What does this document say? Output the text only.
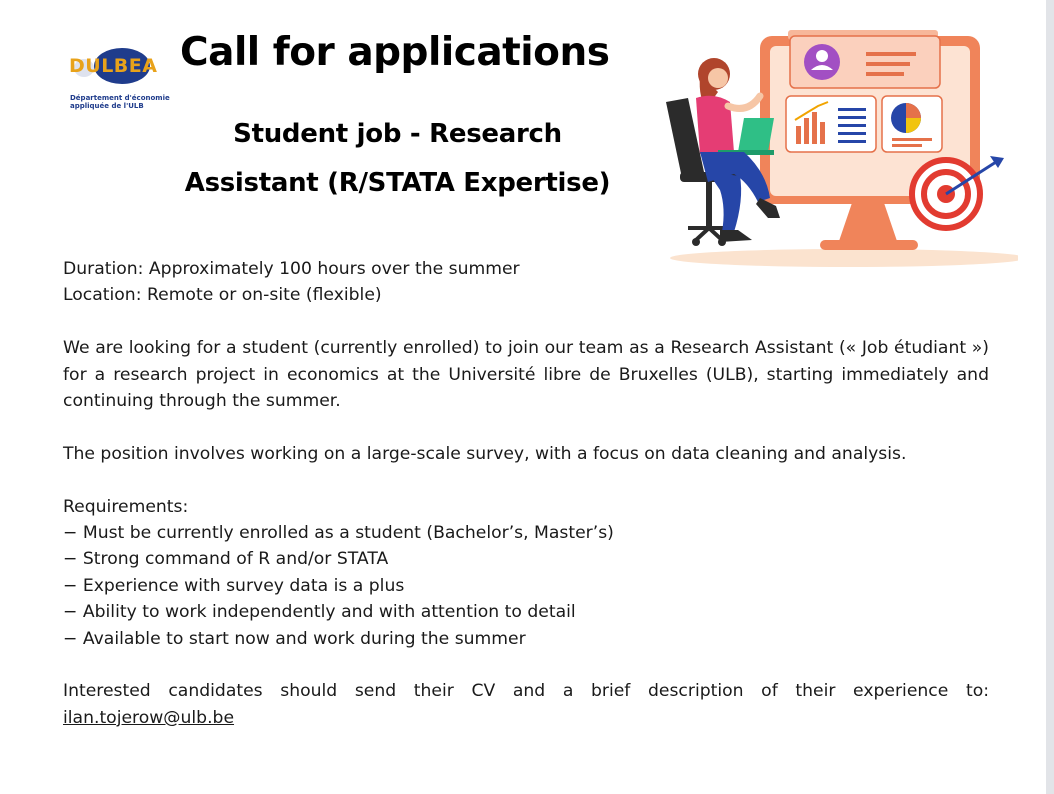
DULBEA
Département d'économie
appliquée de l'ULB
Call for applications
Student job - Research
Assistant (R/STATA Expertise)

Duration: Approximately 100 hours over the summer

Location: Remote or on-site (flexible)

We are looking for a student (currently enrolled) to join our team as a Research Assistant (« Job étudiant ») for a research project in economics at the Université libre de Bruxelles (ULB), starting immediately and continuing through the summer.

The position involves working on a large-scale survey, with a focus on data cleaning and analysis.

Requirements:

− Must be currently enrolled as a student (Bachelor’s, Master’s)

− Strong command of R and/or STATA

− Experience with survey data is a plus

− Ability to work independently and with attention to detail

− Available to start now and work during the summer

Interested candidates should send their CV and a brief description of their experience to:

ilan.tojerow@ulb.be
